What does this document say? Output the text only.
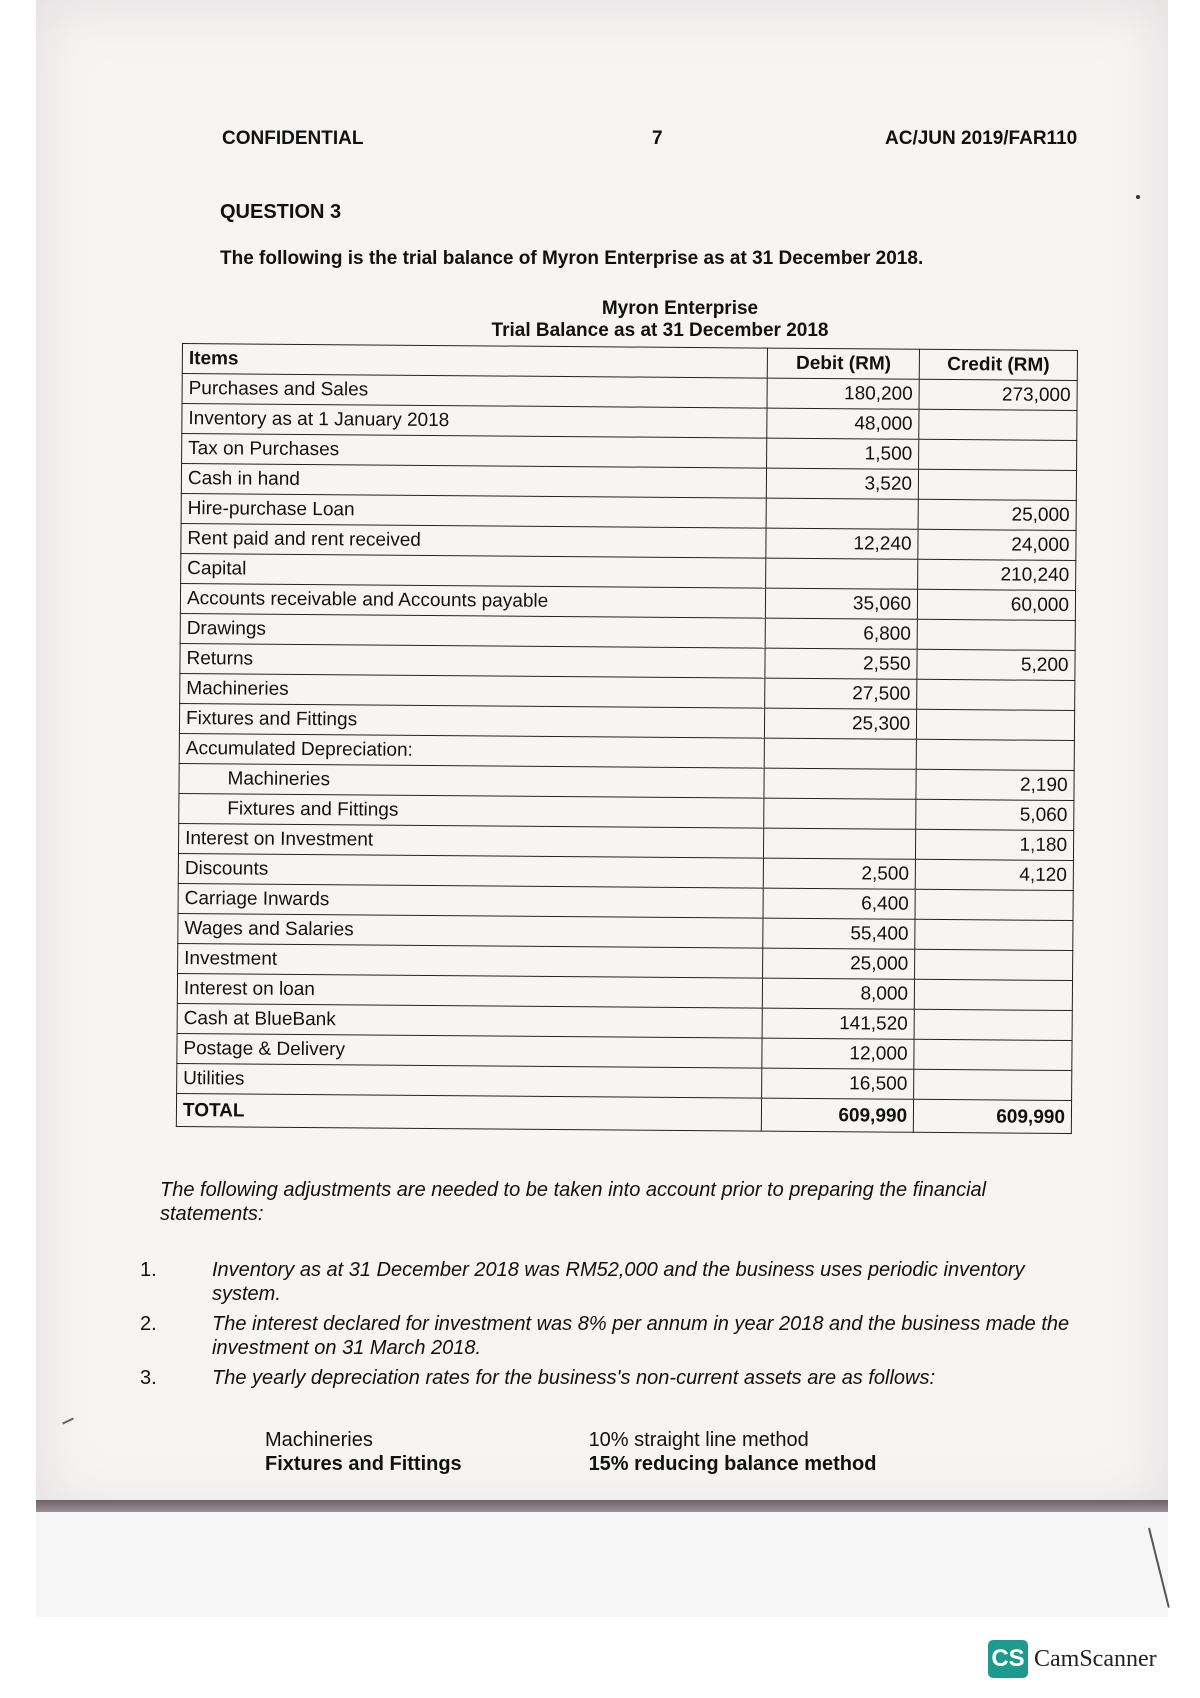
CONFIDENTIAL	7	AC/JUN 2019/FAR110
QUESTION 3
The following is the trial balance of Myron Enterprise as at 31 December 2018.
Myron Enterprise
Trial Balance as at 31 December 2018
Items	Debit (RM)	Credit (RM)
Purchases and Sales	180,200	273,000
Inventory as at 1 January 2018	48,000	
Tax on Purchases	1,500	
Cash in hand	3,520	
Hire-purchase Loan		25,000
Rent paid and rent received	12,240	24,000
Capital		210,240
Accounts receivable and Accounts payable	35,060	60,000
Drawings	6,800	
Returns	2,550	5,200
Machineries	27,500	
Fixtures and Fittings	25,300	
Accumulated Depreciation:		
Machineries		2,190
Fixtures and Fittings		5,060
Interest on Investment		1,180
Discounts	2,500	4,120
Carriage Inwards	6,400	
Wages and Salaries	55,400	
Investment	25,000	
Interest on loan	8,000	
Cash at BlueBank	141,520	
Postage & Delivery	12,000	
Utilities	16,500	
TOTAL	609,990	609,990
The following adjustments are needed to be taken into account prior to preparing the financial statements:
1.	Inventory as at 31 December 2018 was RM52,000 and the business uses periodic inventory system.
2.	The interest declared for investment was 8% per annum in year 2018 and the business made the investment on 31 March 2018.
3.	The yearly depreciation rates for the business's non-current assets are as follows:
Machineries	10% straight line method
Fixtures and Fittings	15% reducing balance method
CS CamScanner
